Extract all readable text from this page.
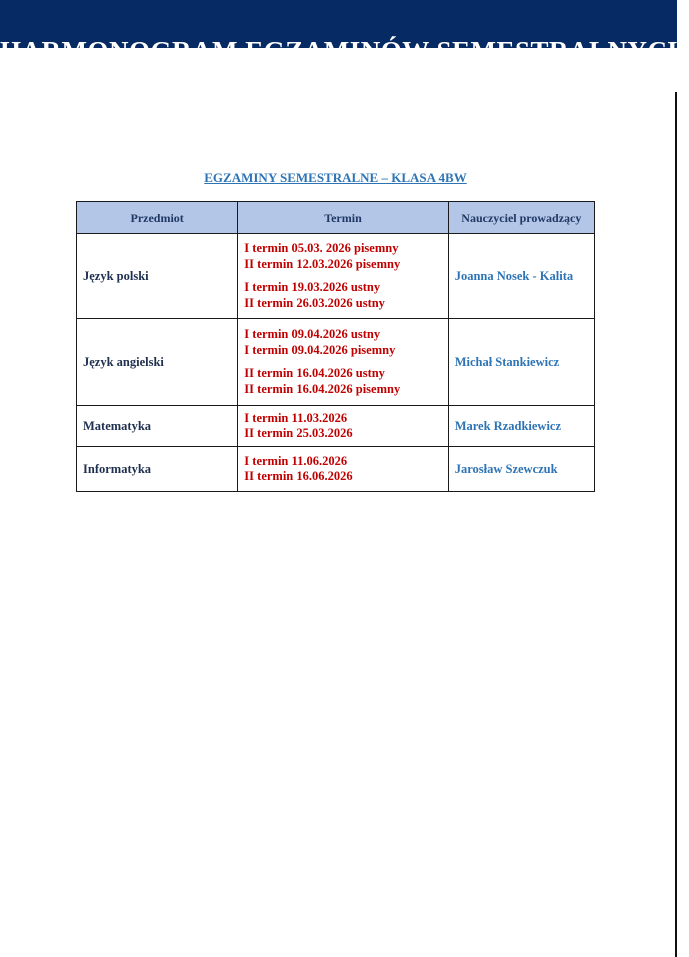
HARMONOGRAM EGZAMINÓW SEMESTRALNYCH
EGZAMINY SEMESTRALNE – KLASA 4BW
Przedmiot	Termin	Nauczyciel prowadzący
Język polski	I termin 05.03. 2026 pisemny
II termin 12.03.2026 pisemny
I termin 19.03.2026 ustny
II termin 26.03.2026 ustny	Joanna Nosek - Kalita
Język angielski	I termin 09.04.2026 ustny
I termin 09.04.2026 pisemny
II termin 16.04.2026 ustny
II termin 16.04.2026 pisemny	Michał Stankiewicz
Matematyka	I termin 11.03.2026
II termin 25.03.2026	Marek Rzadkiewicz
Informatyka	I termin 11.06.2026
II termin 16.06.2026	Jarosław Szewczuk
